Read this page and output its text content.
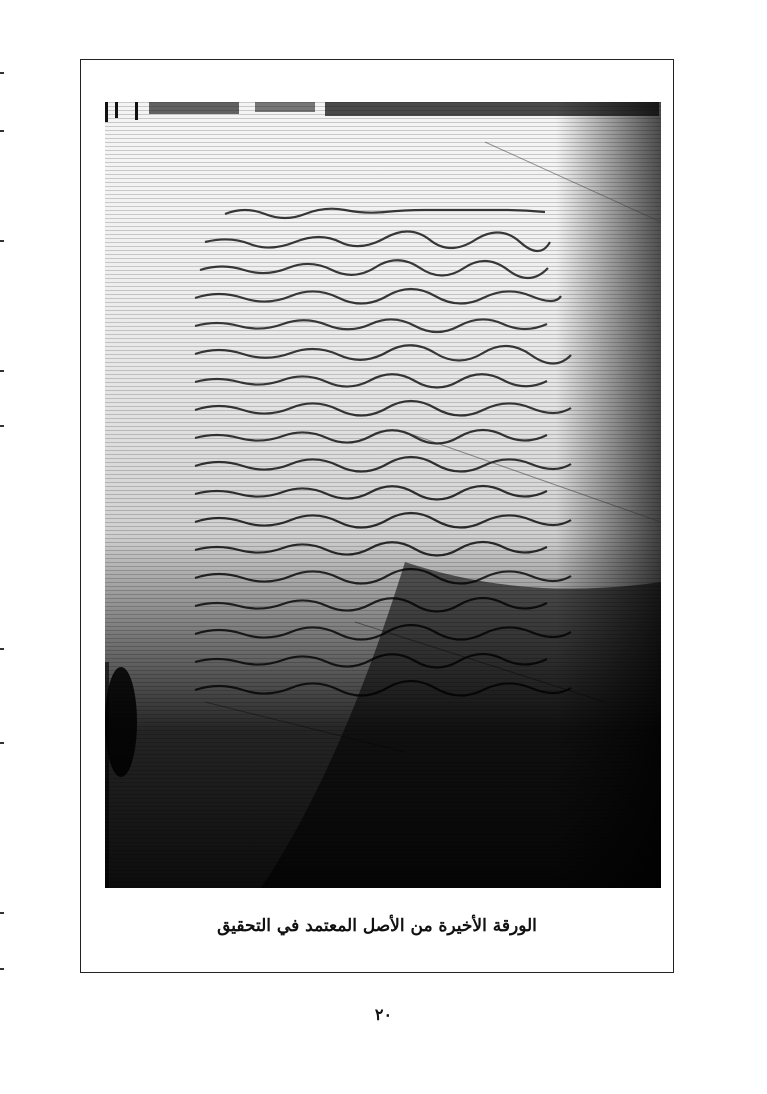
الورقة الأخيرة من الأصل المعتمد في التحقيق
٢٠
